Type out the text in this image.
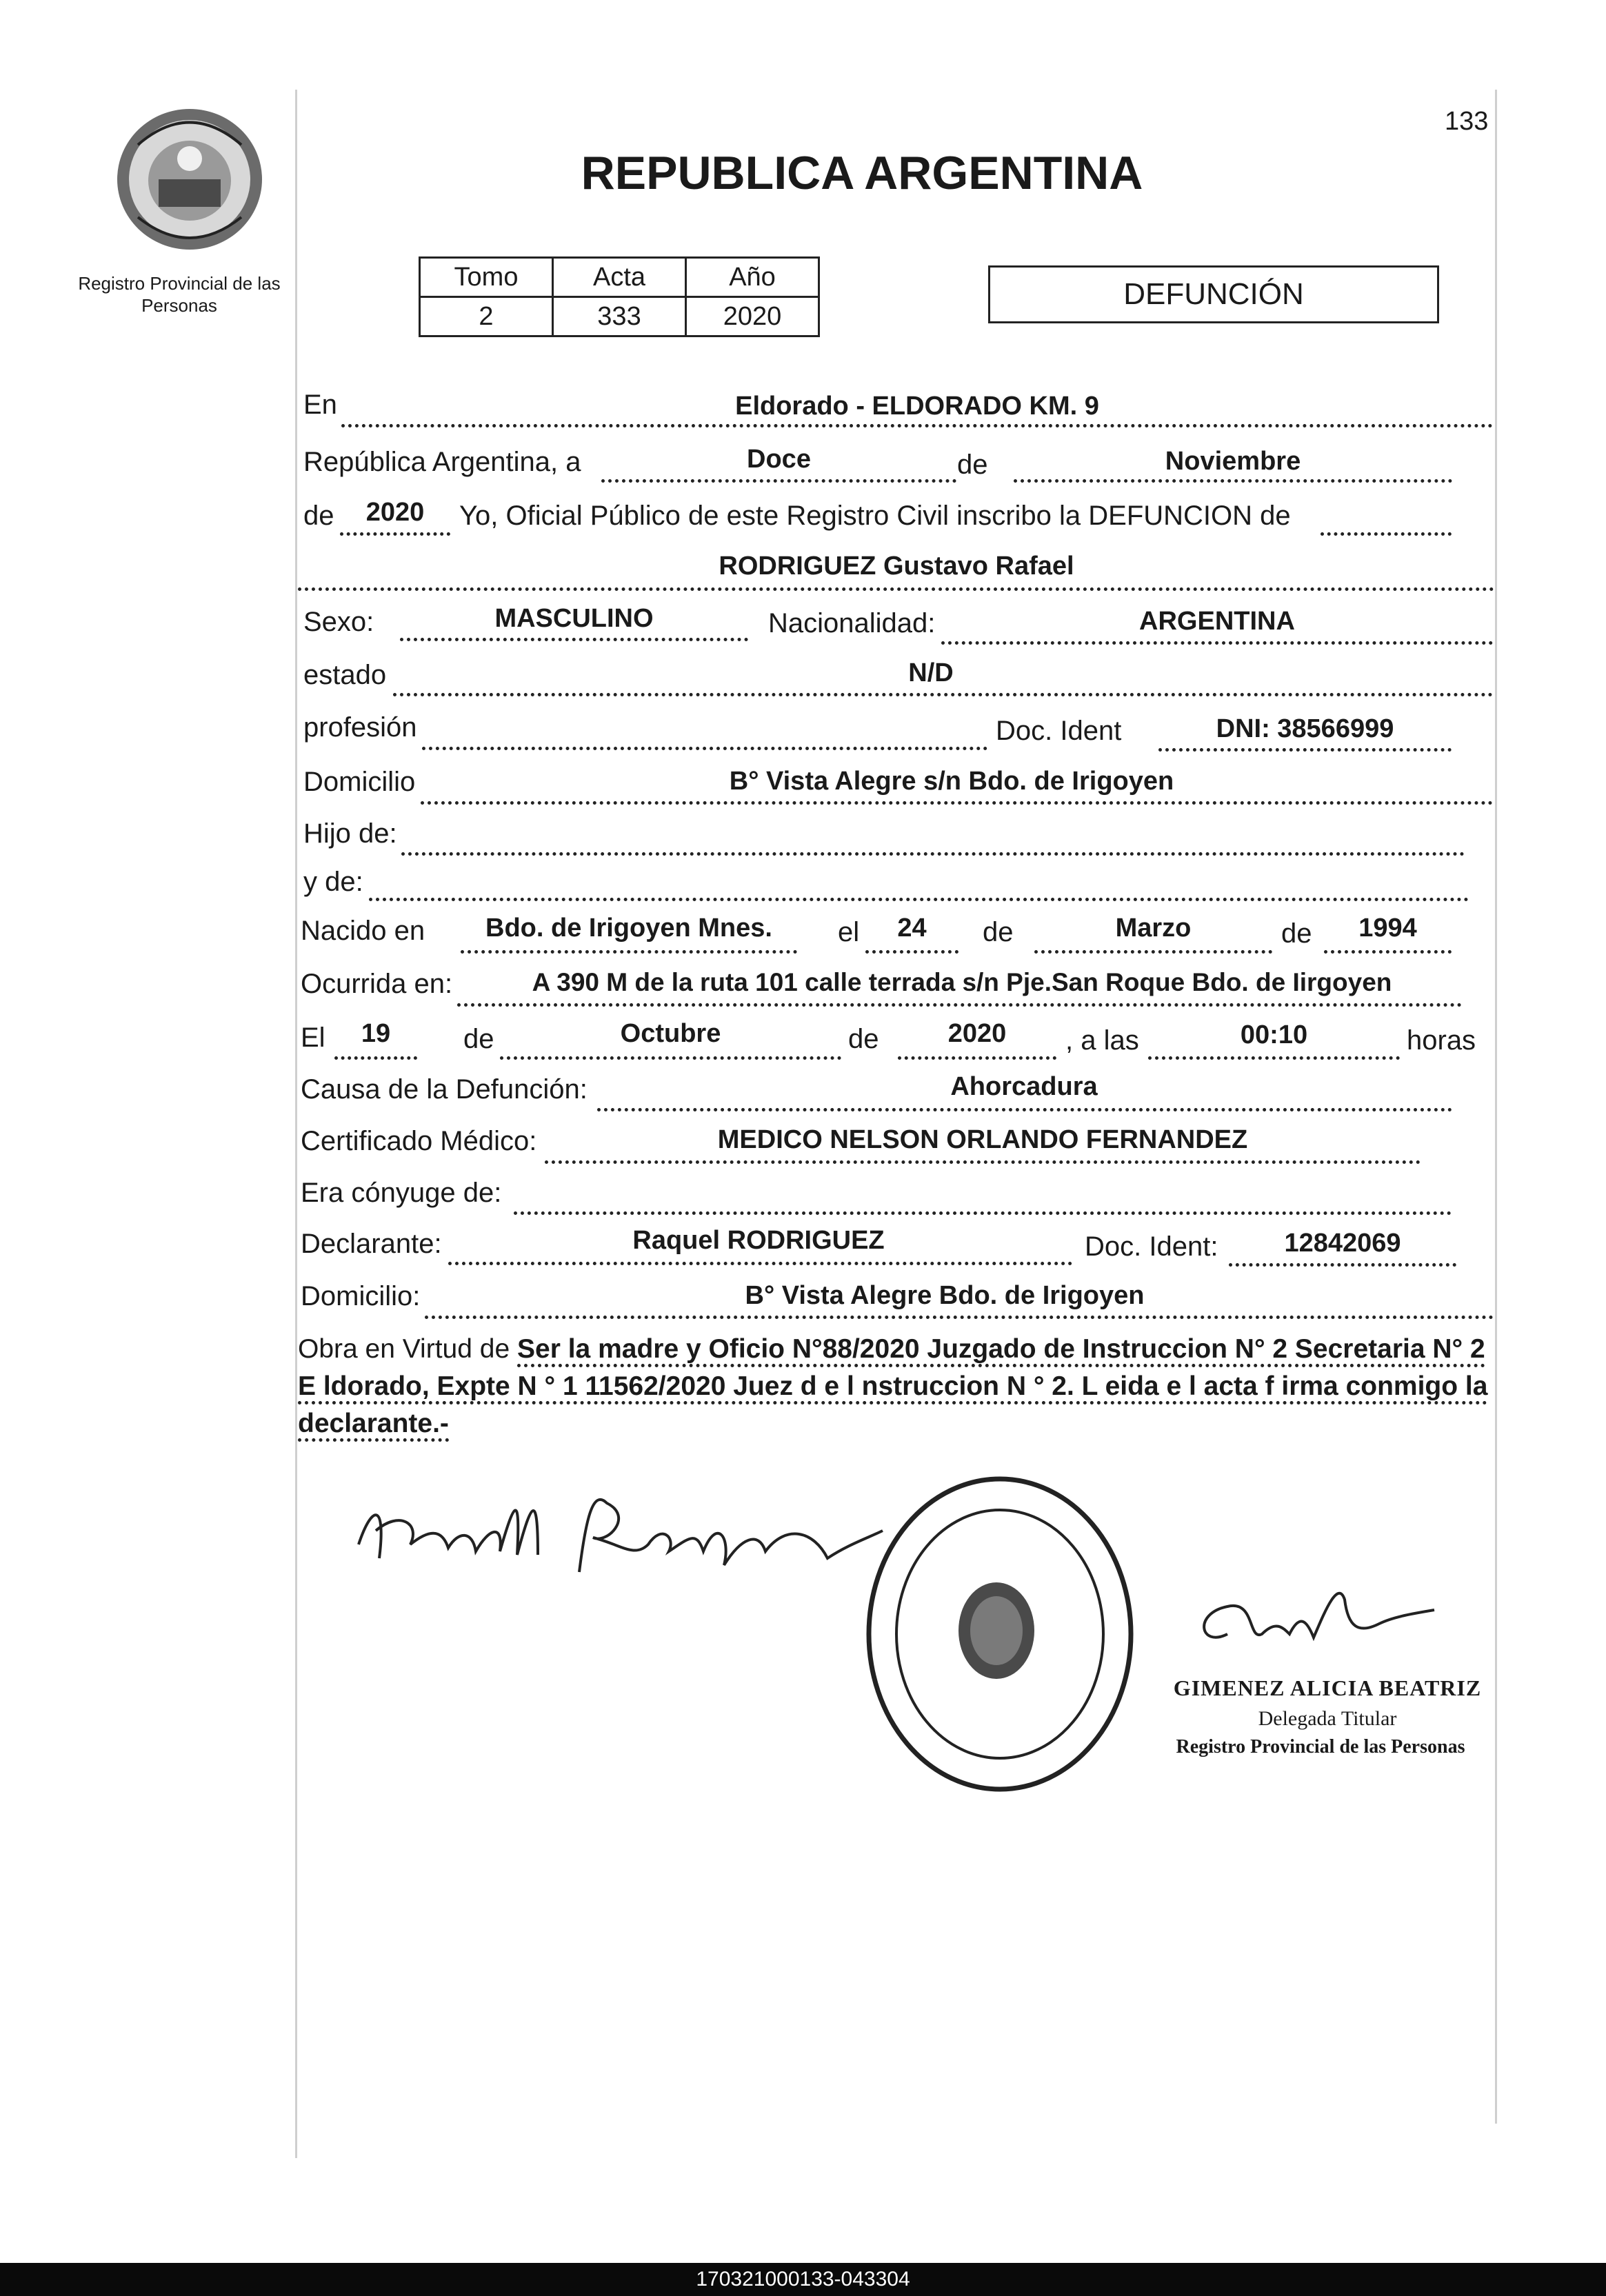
Registro Provincial de las Personas
133
REPUBLICA ARGENTINA
Tomo	Acta	Año
2	333	2020
DEFUNCIÓN
En	Eldorado - ELDORADO KM. 9
República Argentina, a	Doce	de	Noviembre
de	2020	Yo, Oficial Público de este Registro Civil inscribo la DEFUNCION de
RODRIGUEZ Gustavo Rafael
Sexo:	MASCULINO	Nacionalidad:	ARGENTINA
estado	N/D
profesión	Doc. Ident	DNI: 38566999
Domicilio	B° Vista Alegre s/n Bdo. de Irigoyen
Hijo de:
y de:
Nacido en	Bdo. de Irigoyen Mnes.	el	24	de	Marzo	de	1994
Ocurrida en:	A 390 M de la ruta 101 calle terrada s/n Pje.San Roque Bdo. de Iirgoyen
El	19	de	Octubre	de	2020	, a las	00:10	horas
Causa de la Defunción:	Ahorcadura
Certificado Médico:	MEDICO NELSON ORLANDO FERNANDEZ
Era cónyuge de:
Declarante:	Raquel RODRIGUEZ	Doc. Ident:	12842069
Domicilio:	B° Vista Alegre Bdo. de Irigoyen
Obra en Virtud de Ser la madre y Oficio N°88/2020 Juzgado de Instruccion N° 2 Secretaria N° 2 E ldorado, Expte N ° 1 11562/2020 Juez d e l nstruccion N ° 2. L eida e l acta f irma conmigo la declarante.-
GIMENEZ ALICIA BEATRIZ
Delegada Titular
Registro Provincial de las Personas
170321000133-043304
